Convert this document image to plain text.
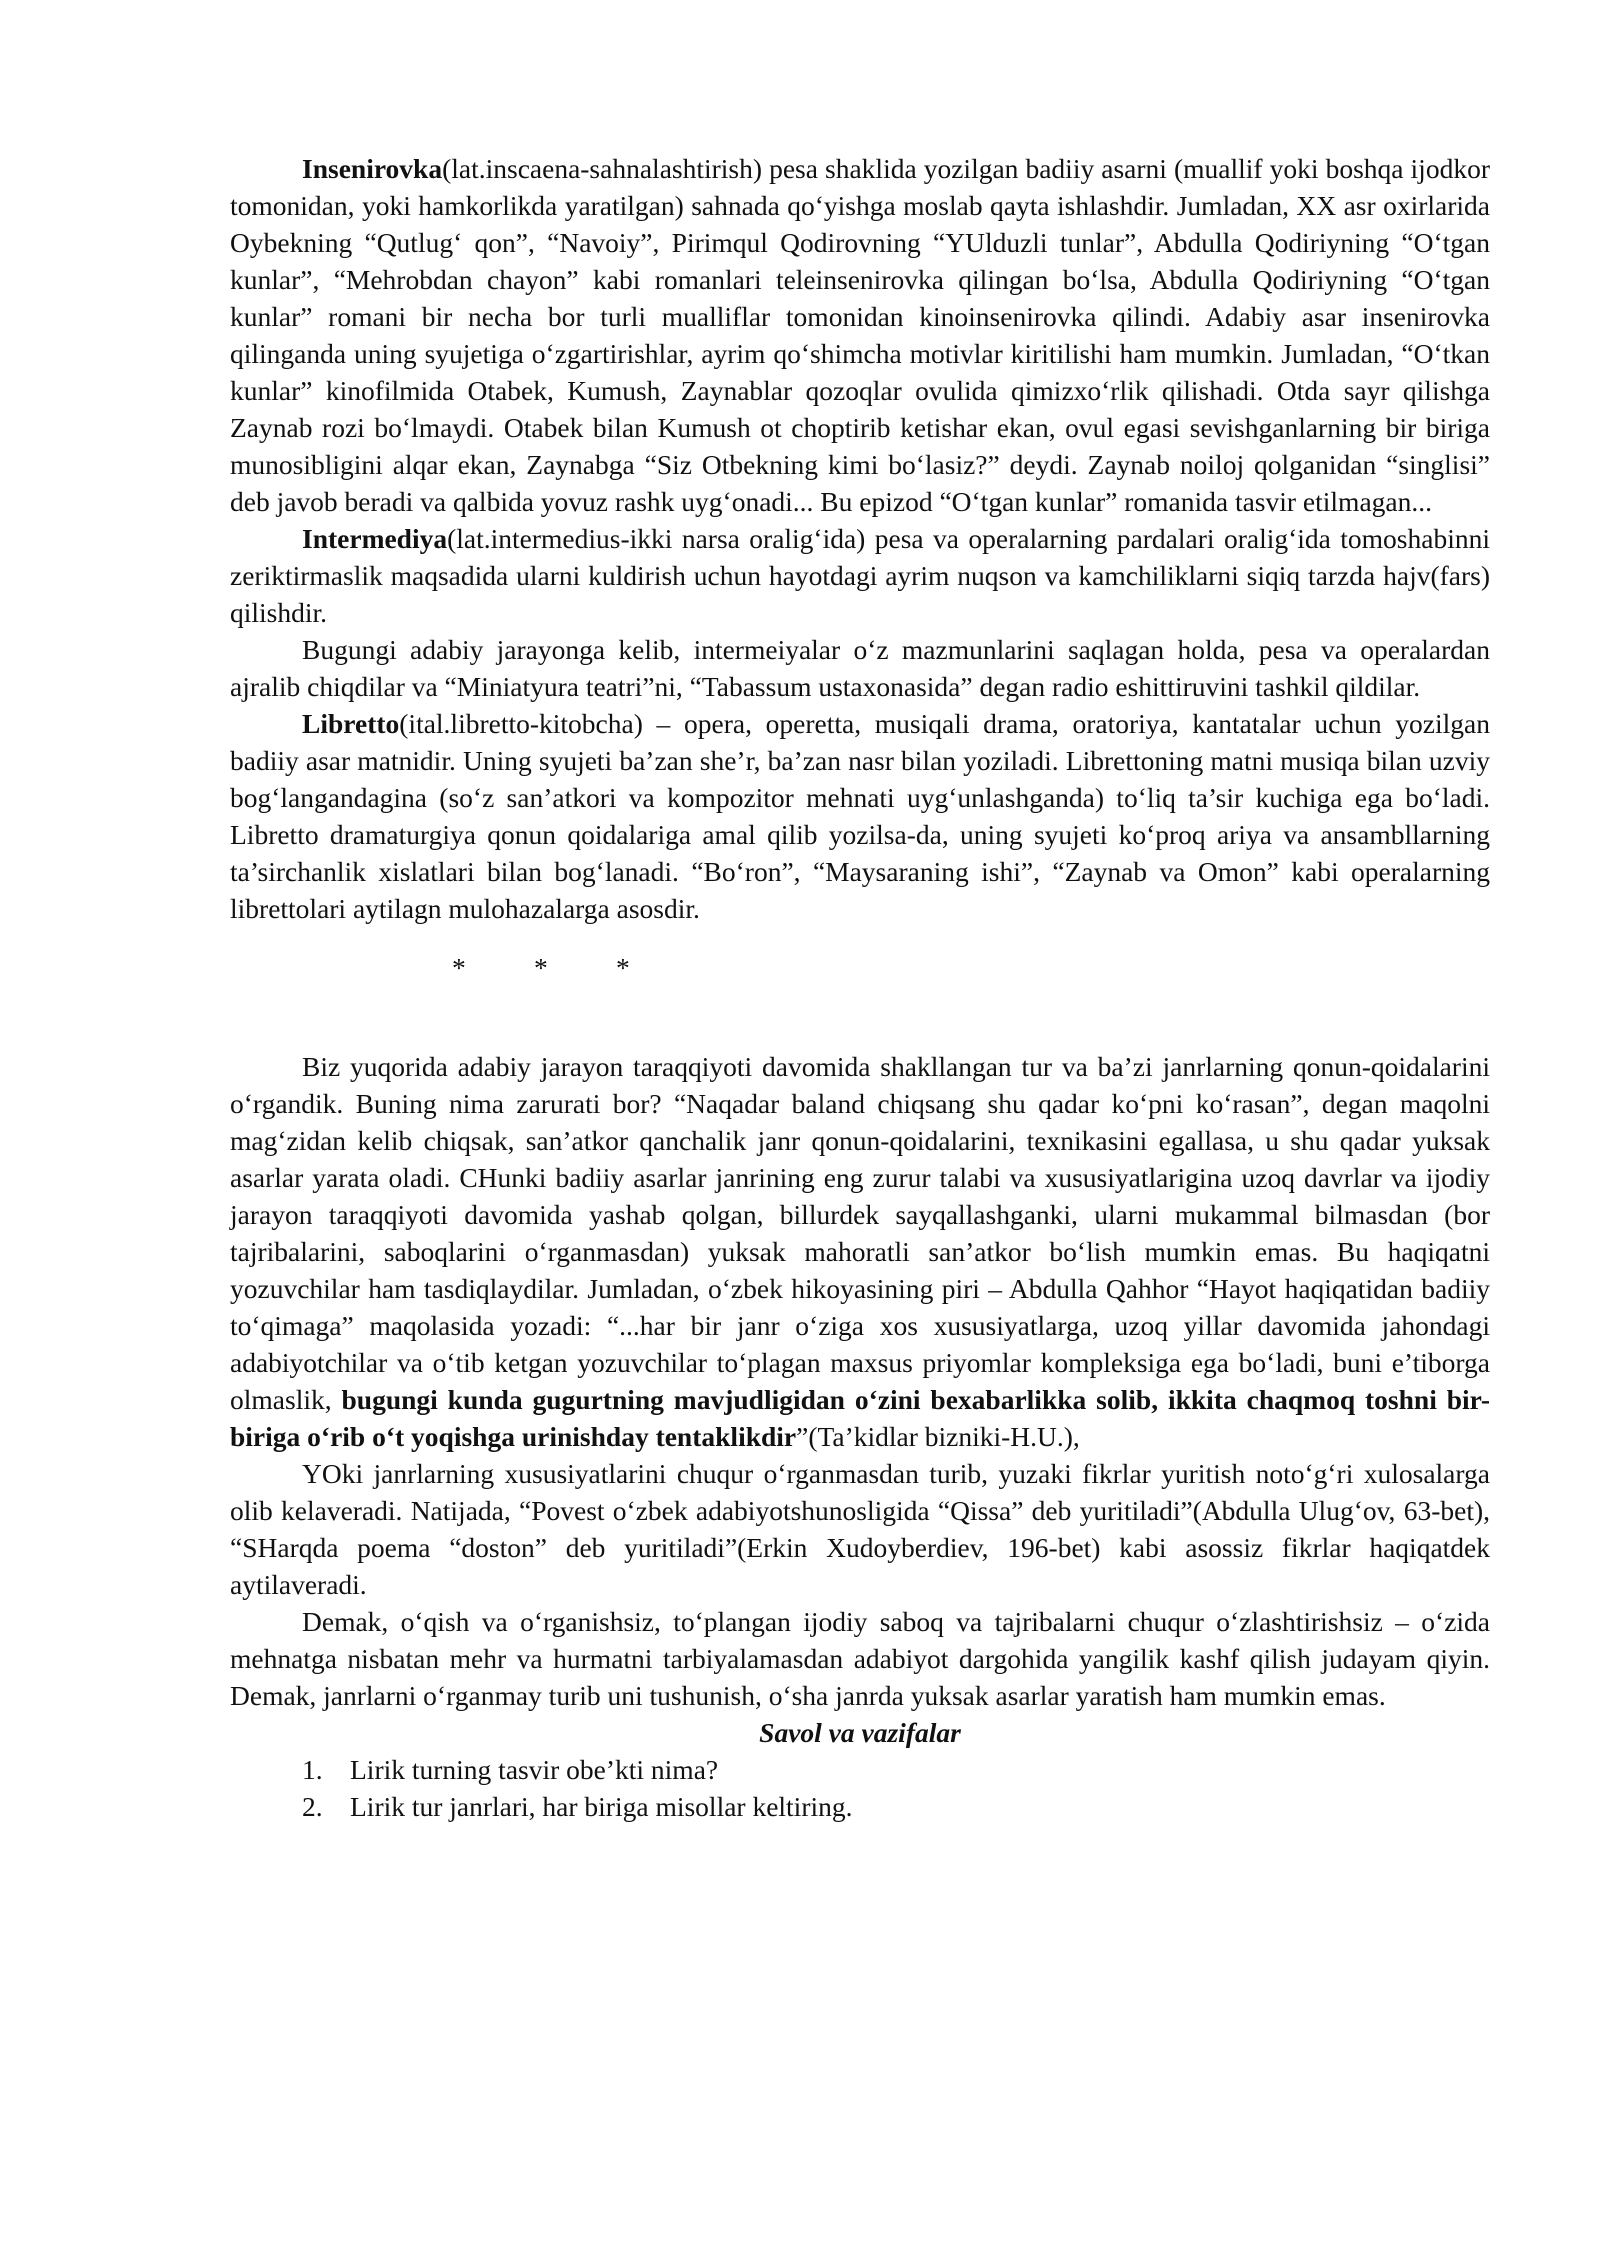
Insenirovka(lat.inscaena-sahnalashtirish) pesa shaklida yozilgan badiiy asarni (muallif yoki boshqa ijodkor tomonidan, yoki hamkorlikda yaratilgan) sahnada qo‘yishga moslab qayta ishlashdir. Jumladan, XX asr oxirlarida Oybekning “Qutlug‘ qon”, “Navoiy”, Pirimqul Qodirovning “YUlduzli tunlar”, Abdulla Qodiriyning “O‘tgan kunlar”, “Mehrobdan chayon” kabi romanlari teleinsenirovka qilingan bo‘lsa, Abdulla Qodiriyning “O‘tgan kunlar” romani bir necha bor turli mualliflar tomonidan kinoinsenirovka qilindi. Adabiy asar insenirovka qilinganda uning syujetiga o‘zgartirishlar, ayrim qo‘shimcha motivlar kiritilishi ham mumkin. Jumladan, “O‘tkan kunlar” kinofilmida Otabek, Kumush, Zaynablar qozoqlar ovulida qimizxo‘rlik qilishadi. Otda sayr qilishga Zaynab rozi bo‘lmaydi. Otabek bilan Kumush ot choptirib ketishar ekan, ovul egasi sevishganlarning bir biriga munosibligini alqar ekan, Zaynabga “Siz Otbekning kimi bo‘lasiz?” deydi. Zaynab noiloj qolganidan “singlisi” deb javob beradi va qalbida yovuz rashk uyg‘onadi... Bu epizod “O‘tgan kunlar” romanida tasvir etilmagan...

Intermediya(lat.intermedius-ikki narsa oralig‘ida) pesa va operalarning pardalari oralig‘ida tomoshabinni zeriktirmaslik maqsadida ularni kuldirish uchun hayotdagi ayrim nuqson va kamchiliklarni siqiq tarzda hajv(fars) qilishdir.

Bugungi adabiy jarayonga kelib, intermeiyalar o‘z mazmunlarini saqlagan holda, pesa va operalardan ajralib chiqdilar va “Miniatyura teatri”ni, “Tabassum ustaxonasida” degan radio eshittiruvini tashkil qildilar.

Libretto(ital.libretto-kitobcha) – opera, operetta, musiqali drama, oratoriya, kantatalar uchun yozilgan badiiy asar matnidir. Uning syujeti ba’zan she’r, ba’zan nasr bilan yoziladi. Librettoning matni musiqa bilan uzviy bog‘langandagina (so‘z san’atkori va kompozitor mehnati uyg‘unlashganda) to‘liq ta’sir kuchiga ega bo‘ladi. Libretto dramaturgiya qonun qoidalariga amal qilib yozilsa-da, uning syujeti ko‘proq ariya va ansambllarning ta’sirchanlik xislatlari bilan bog‘lanadi. “Bo‘ron”, “Maysaraning ishi”, “Zaynab va Omon” kabi operalarning librettolari aytilagn mulohazalarga asosdir.

* * *

Biz yuqorida adabiy jarayon taraqqiyoti davomida shakllangan tur va ba’zi janrlarning qonun-qoidalarini o‘rgandik. Buning nima zarurati bor? “Naqadar baland chiqsang shu qadar ko‘pni ko‘rasan”, degan maqolni mag‘zidan kelib chiqsak, san’atkor qanchalik janr qonun-qoidalarini, texnikasini egallasa, u shu qadar yuksak asarlar yarata oladi. CHunki badiiy asarlar janrining eng zurur talabi va xususiyatlarigina uzoq davrlar va ijodiy jarayon taraqqiyoti davomida yashab qolgan, billurdek sayqallashganki, ularni mukammal bilmasdan (bor tajribalarini, saboqlarini o‘rganmasdan) yuksak mahoratli san’atkor bo‘lish mumkin emas. Bu haqiqatni yozuvchilar ham tasdiqlaydilar. Jumladan, o‘zbek hikoyasining piri – Abdulla Qahhor “Hayot haqiqatidan badiiy to‘qimaga” maqolasida yozadi: “...har bir janr o‘ziga xos xususiyatlarga, uzoq yillar davomida jahondagi adabiyotchilar va o‘tib ketgan yozuvchilar to‘plagan maxsus priyomlar kompleksiga ega bo‘ladi, buni e’tiborga olmaslik, bugungi kunda gugurtning mavjudligidan o‘zini bexabarlikka solib, ikkita chaqmoq toshni bir-biriga o‘rib o‘t yoqishga urinishday tentaklikdir”(Ta’kidlar bizniki-H.U.),

YOki janrlarning xususiyatlarini chuqur o‘rganmasdan turib, yuzaki fikrlar yuritish noto‘g‘ri xulosalarga olib kelaveradi. Natijada, “Povest o‘zbek adabiyotshunosligida “Qissa” deb yuritiladi”(Abdulla Ulug‘ov, 63-bet), “SHarqda poema “doston” deb yuritiladi”(Erkin Xudoyberdiev, 196-bet) kabi asossiz fikrlar haqiqatdek aytilaveradi.

Demak, o‘qish va o‘rganishsiz, to‘plangan ijodiy saboq va tajribalarni chuqur o‘zlashtirishsiz – o‘zida mehnatga nisbatan mehr va hurmatni tarbiyalamasdan adabiyot dargohida yangilik kashf qilish judayam qiyin. Demak, janrlarni o‘rganmay turib uni tushunish, o‘sha janrda yuksak asarlar yaratish ham mumkin emas.

Savol va vazifalar

1. Lirik turning tasvir obe’kti nima?
2. Lirik tur janrlari, har biriga misollar keltiring.
